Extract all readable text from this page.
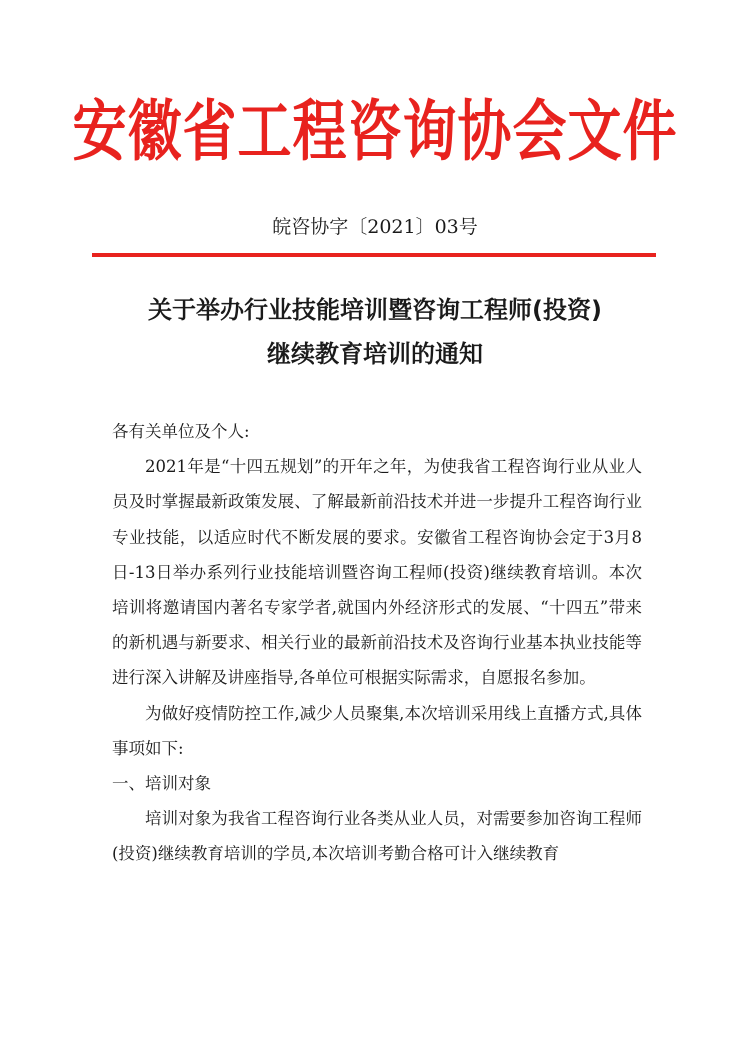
安徽省工程咨询协会文件
皖咨协字〔2021〕03号
关于举办行业技能培训暨咨询工程师(投资)
继续教育培训的通知

各有关单位及个人:

2021年是“十四五规划”的开年之年，为使我省工程咨询行业从业人员及时掌握最新政策发展、了解最新前沿技术并进一步提升工程咨询行业专业技能，以适应时代不断发展的要求。安徽省工程咨询协会定于3月8日-13日举办系列行业技能培训暨咨询工程师(投资)继续教育培训。本次培训将邀请国内著名专家学者,就国内外经济形式的发展、“十四五”带来的新机遇与新要求、相关行业的最新前沿技术及咨询行业基本执业技能等进行深入讲解及讲座指导,各单位可根据实际需求，自愿报名参加。

为做好疫情防控工作,减少人员聚集,本次培训采用线上直播方式,具体事项如下:

一、培训对象

培训对象为我省工程咨询行业各类从业人员，对需要参加咨询工程师(投资)继续教育培训的学员,本次培训考勤合格可计入继续教育
